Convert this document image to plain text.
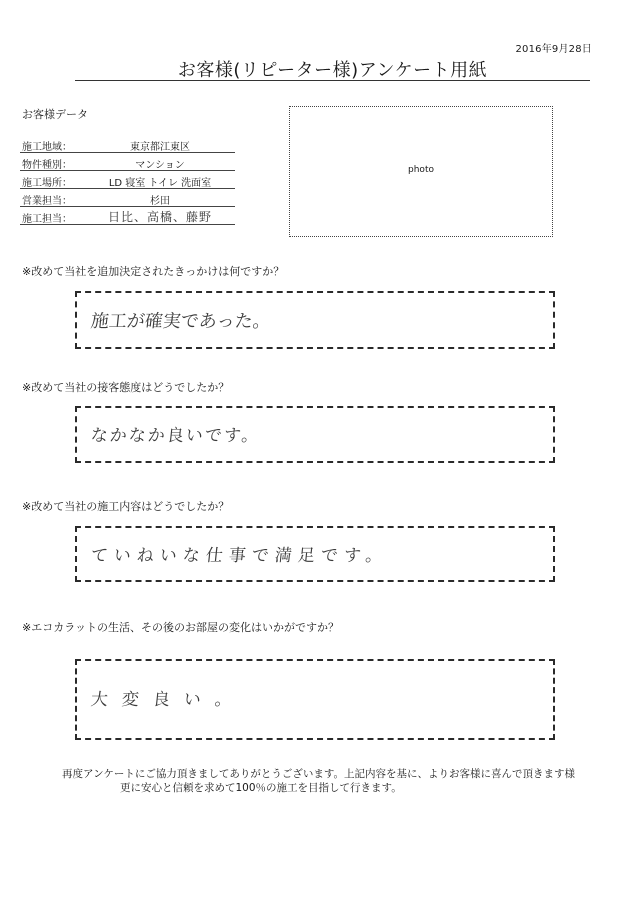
2016年9月28日
お客様(リピーター様)アンケート用紙
お客様データ
施工地域：	東京都江東区
物件種別：	マンション
施工場所：	LD 寝室 トイレ 洗面室
営業担当：	杉田
施工担当：	日比、高橋、藤野
photo
※改めて当社を追加決定されたきっかけは何ですか？
施工が確実であった。
※改めて当社の接客態度はどうでしたか？
なかなか良いです。
※改めて当社の施工内容はどうでしたか？
ていねいな仕事で満足です。
※エコカラットの生活、その後のお部屋の変化はいかがですか？
大変良い。
再度アンケートにご協力頂きましてありがとうございます。上記内容を基に、よりお客様に喜んで頂きます様
更に安心と信頼を求めて100％の施工を目指して行きます。
